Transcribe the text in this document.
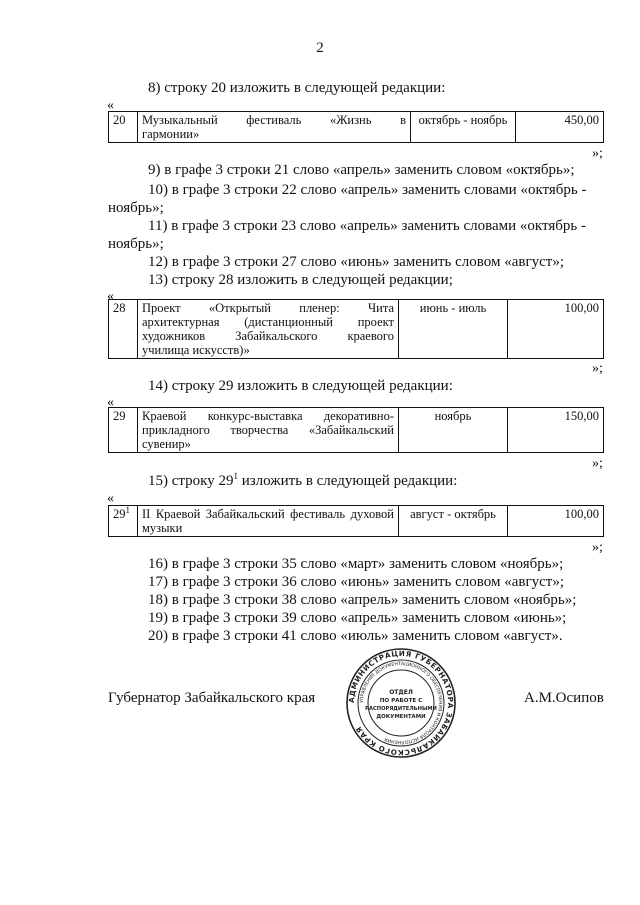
2
8) строку 20 изложить в следующей редакции:
«
20	Музыкальный фестиваль «Жизнь в

гармонии»
	октябрь - ноябрь	450,00
»;
9) в графе 3 строки 21 слово «апрель» заменить словом «октябрь»;
10) в графе 3 строки 22 слово «апрель» заменить словами «октябрь -
ноябрь»;
11) в графе 3 строки 23 слово «апрель» заменить словами «октябрь -
ноябрь»;
12) в графе 3 строки 27 слово «июнь» заменить словом «август»;
13) строку 28 изложить в следующей редакции;
«
28	Проект «Открытый пленер: Чита
архитектурная (дистанционный проект
художников Забайкальского краевого

училища искусств)»
	июнь - июль	100,00
»;
14) строку 29 изложить в следующей редакции:
«
29	Краевой конкурс-выставка декоративно-
прикладного творчества «Забайкальский

сувенир»
	ноябрь	150,00
»;
15) строку $29^1$ изложить в следующей редакции:
«
$29^1$	II Краевой Забайкальский фестиваль духовой

музыки
	август - октябрь	100,00
»;
16) в графе 3 строки 35 слово «март» заменить словом «ноябрь»;
17) в графе 3 строки 36 слово «июнь» заменить словом «август»;
18) в графе 3 строки 38 слово «апрель» заменить словом «ноябрь»;
19) в графе 3 строки 39 слово «апрель» заменить словом «июнь»;
20) в графе 3 строки 41 слово «июль» заменить словом «август».
Губернатор Забайкальского края	А.М.Осипов
АДМИНИСТРАЦИЯ ГУБЕРНАТОРА ЗАБАЙКАЛЬСКОГО КРАЯ
УПРАВЛЕНИЕ ДОКУМЕНТАЦИОННОГО ОБЕСПЕЧЕНИЯ И КОНТРОЛЯ ИСПОЛНЕНИЯ
ОТДЕЛ
ПО РАБОТЕ С
РАСПОРЯДИТЕЛЬНЫМИ
ДОКУМЕНТАМИ
